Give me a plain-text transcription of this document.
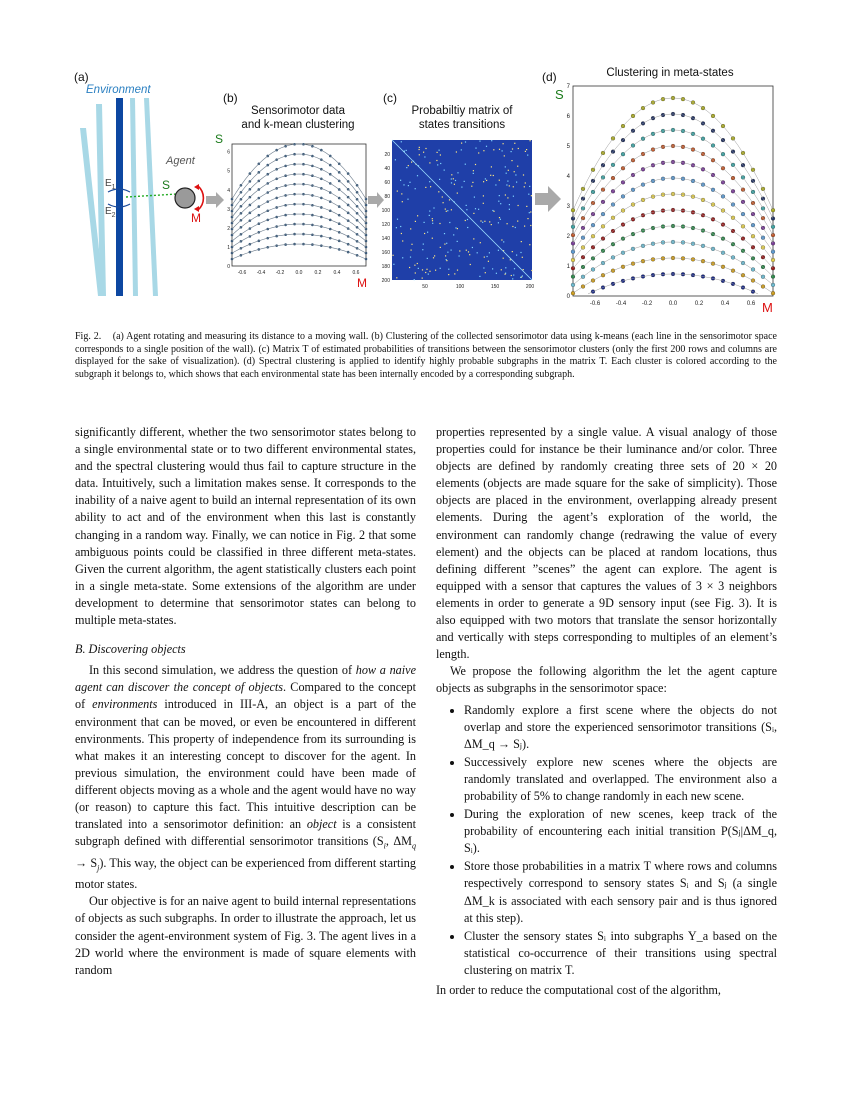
(a)
Environment
Agent
$E_1$
$E_2$
S
M
(b)
Sensorimotor data
and k-mean clustering
S
-0.6 -0.4 -0.2 0.0 0.2 0.4 0.6
0
1
2
3
4
5
6
M
(c)
Probabiltiy matrix of
states transitions
20
40
60
80
100
120
140
160
180
200
50	100	150	200
(d)	Clustering in meta-states
S
-0.6	-0.4	-0.2	0.0	0.2	0.4	0.6
0
1
2
3
4
5
6
7
M
Fig. 2. (a) Agent rotating and measuring its distance to a moving wall. (b) Clustering of the collected sensorimotor data using k-means (each line in the sensorimotor space corresponds to a single position of the wall). (c) Matrix T of estimated probabilities of transitions between the sensorimotor clusters (only the first 200 rows and columns are displayed for the sake of visualization). (d) Spectral clustering is applied to identify highly probable subgraphs in the matrix T. Each cluster is colored according to the subgraph it belongs to, which shows that each environmental state has been internally encoded by a corresponding subgraph.

significantly different, whether the two sensorimotor states belong to a single environmental state or to two different environmental states, and the spectral clustering would thus fail to capture structure in the data. Intuitively, such a limitation makes sense. It corresponds to the inability of a naive agent to build an internal representation of its own ability to act and of the environment when this last is constantly changing in a random way. Finally, we can notice in Fig. 2 that some ambiguous points could be classified in three different meta-states. Given the current algorithm, the agent statistically clusters each point in a single meta-state. Some extensions of the algorithm are under development to determine that sensorimotor states can belong to multiple meta-states.

B. Discovering objects

In this second simulation, we address the question of how a naive agent can discover the concept of objects. Compared to the concept of environments introduced in III-A, an object is a part of the environment that can be moved, or even be encountered in different environments. This property of independence from its surrounding is what makes it an interesting concept to discover for the agent. In previous simulation, the environment could have been made of different objects moving as a whole and the agent would have no way (or reason) to capture this fact. This intuitive description can be translated into a sensorimotor definition: an object is a consistent subgraph defined with differential sensorimotor transitions ($S_i$, $\Delta M_q \to S_j$). This way, the object can be experienced from different starting motor states.

Our objective is for an naive agent to build internal representations of objects as such subgraphs. In order to illustrate the approach, let us consider the agent-environment system of Fig. 3. The agent lives in a 2D world where the environment is made of square elements with random

properties represented by a single value. A visual analogy of those properties could for instance be their luminance and/or color. Three objects are defined by randomly creating three sets of 20 × 20 elements (objects are made square for the sake of simplicity). Those objects are placed in the environment, overlapping already present elements. During the agent’s exploration of the world, the environment can randomly change (redrawing the value of every element) and the objects can be placed at random locations, thus defining different ”scenes” the agent can explore. The agent is equipped with a sensor that captures the values of 3 × 3 neighbors elements in order to generate a 9D sensory input (see Fig. 3). It is also equipped with two motors that translate the sensor horizontally and vertically with steps corresponding to multiples of an element’s length.

We propose the following algorithm the let the agent capture objects as subgraphs in the sensorimotor space:

• Randomly explore a first scene where the objects do not overlap and store the experienced sensorimotor transitions (Sᵢ, ΔM_q → Sⱼ).
• Successively explore new scenes where the objects are randomly translated and overlapped. The environment also a probability of 5% to change randomly in each new scene.
• During the exploration of new scenes, keep track of the probability of encountering each initial transition P(Sⱼ|ΔM_q, Sᵢ).
• Store those probabilities in a matrix T where rows and columns respectively correspond to sensory states Sᵢ and Sⱼ (a single ΔM_k is associated with each sensory pair and is thus ignored at this step).
• Cluster the sensory states Sᵢ into subgraphs Y_a based on the statistical co-occurrence of their transitions using spectral clustering on matrix T.

In order to reduce the computational cost of the algorithm,
